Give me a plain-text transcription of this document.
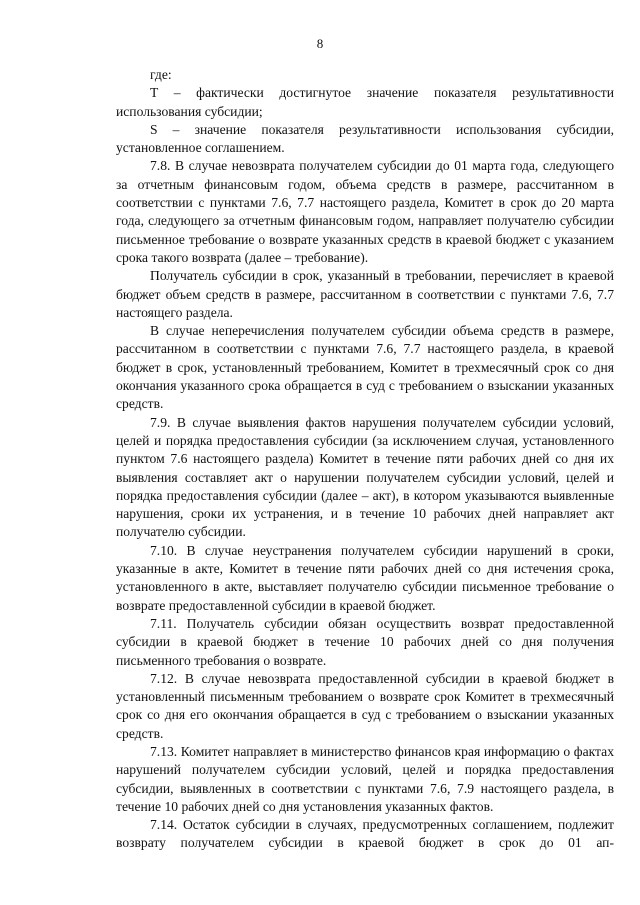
8

где:

T – фактически достигнутое значение показателя результативности использования субсидии;

S – значение показателя результативности использования субсидии, установленное соглашением.

7.8. В случае невозврата получателем субсидии до 01 марта года, следующего за отчетным финансовым годом, объема средств в размере, рассчитанном в соответствии с пунктами 7.6, 7.7 настоящего раздела, Комитет в срок до 20 марта года, следующего за отчетным финансовым годом, направляет получателю субсидии письменное требование о возврате указанных средств в краевой бюджет с указанием срока такого возврата (далее – требование).

Получатель субсидии в срок, указанный в требовании, перечисляет в краевой бюджет объем средств в размере, рассчитанном в соответствии с пунктами 7.6, 7.7 настоящего раздела.

В случае неперечисления получателем субсидии объема средств в размере, рассчитанном в соответствии с пунктами 7.6, 7.7 настоящего раздела, в краевой бюджет в срок, установленный требованием, Комитет в трехмесячный срок со дня окончания указанного срока обращается в суд с требованием о взыскании указанных средств.

7.9. В случае выявления фактов нарушения получателем субсидии условий, целей и порядка предоставления субсидии (за исключением случая, установленного пунктом 7.6 настоящего раздела) Комитет в течение пяти рабочих дней со дня их выявления составляет акт о нарушении получателем субсидии условий, целей и порядка предоставления субсидии (далее – акт), в котором указываются выявленные нарушения, сроки их устранения, и в течение 10 рабочих дней направляет акт получателю субсидии.

7.10. В случае неустранения получателем субсидии нарушений в сроки, указанные в акте, Комитет в течение пяти рабочих дней со дня истечения срока, установленного в акте, выставляет получателю субсидии письменное требование о возврате предоставленной субсидии в краевой бюджет.

7.11. Получатель субсидии обязан осуществить возврат предоставленной субсидии в краевой бюджет в течение 10 рабочих дней со дня получения письменного требования о возврате.

7.12. В случае невозврата предоставленной субсидии в краевой бюджет в установленный письменным требованием о возврате срок Комитет в трехмесячный срок со дня его окончания обращается в суд с требованием о взыскании указанных средств.

7.13. Комитет направляет в министерство финансов края информацию о фактах нарушений получателем субсидии условий, целей и порядка предоставления субсидии, выявленных в соответствии с пунктами 7.6, 7.9 настоящего раздела, в течение 10 рабочих дней со дня установления указанных фактов.

7.14. Остаток субсидии в случаях, предусмотренных соглашением, подлежит возврату получателем субсидии в краевой бюджет в срок до 01 ап-
